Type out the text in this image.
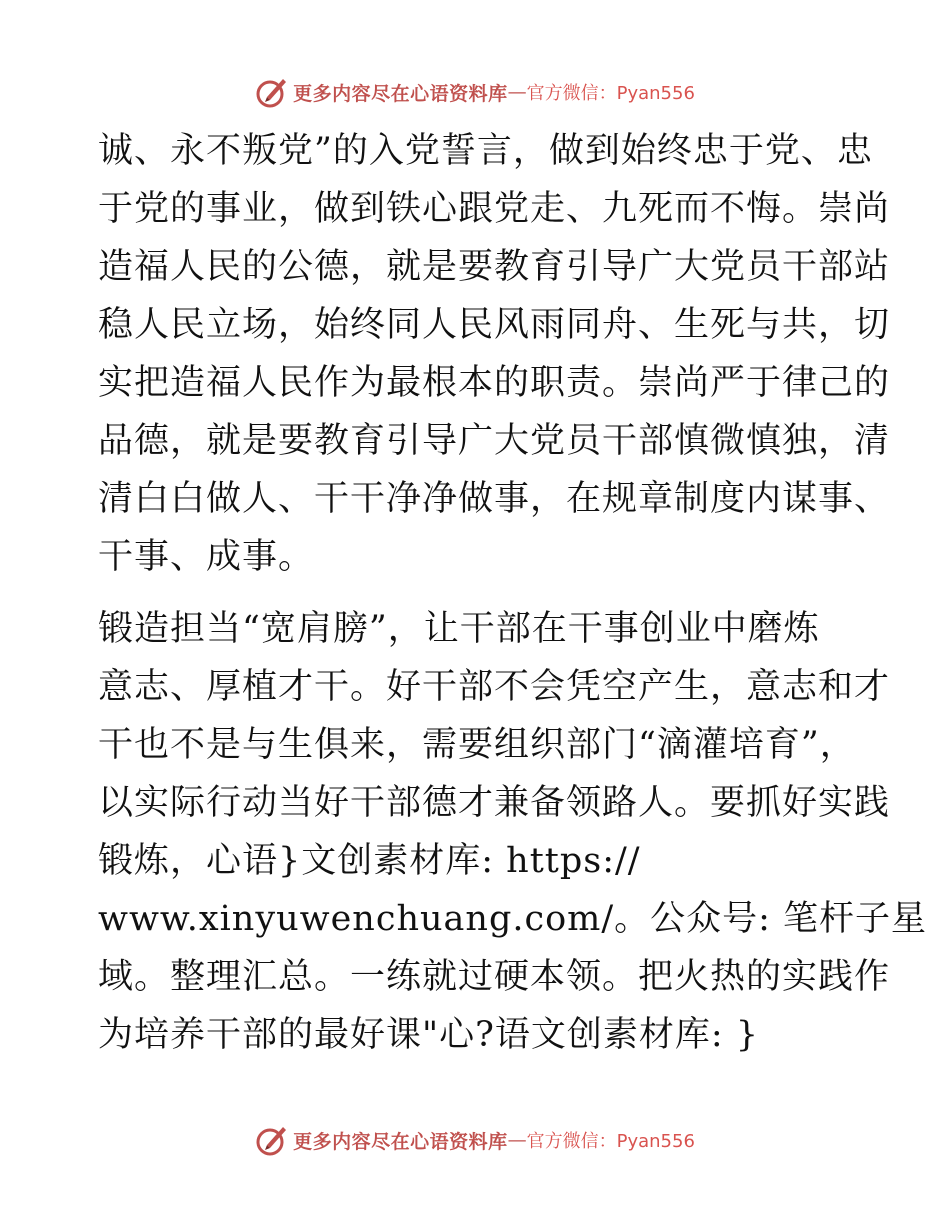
更多内容尽在心语资料库 — 官方微信：Pyan556
诚、永不叛党”的入党誓言，做到始终忠于党、忠
于党的事业，做到铁心跟党走、九死而不悔。崇尚
造福人民的公德，就是要教育引导广大党员干部站
稳人民立场，始终同人民风雨同舟、生死与共，切
实把造福人民作为最根本的职责。崇尚严于律己的
品德，就是要教育引导广大党员干部慎微慎独，清
清白白做人、干干净净做事，在规章制度内谋事、
干事、成事。
锻造担当“宽肩膀”，让干部在干事创业中磨炼
意志、厚植才干。好干部不会凭空产生，意志和才
干也不是与生俱来，需要组织部门“滴灌培育”，
以实际行动当好干部德才兼备领路人。要抓好实践
锻炼，心语}文创素材库: https://
www.xinyuwenchuang.com/。公众号: 笔杆子星
域。整理汇总。一练就过硬本领。把火热的实践作
为培养干部的最好课"心?语文创素材库: }
更多内容尽在心语资料库 — 官方微信：Pyan556
